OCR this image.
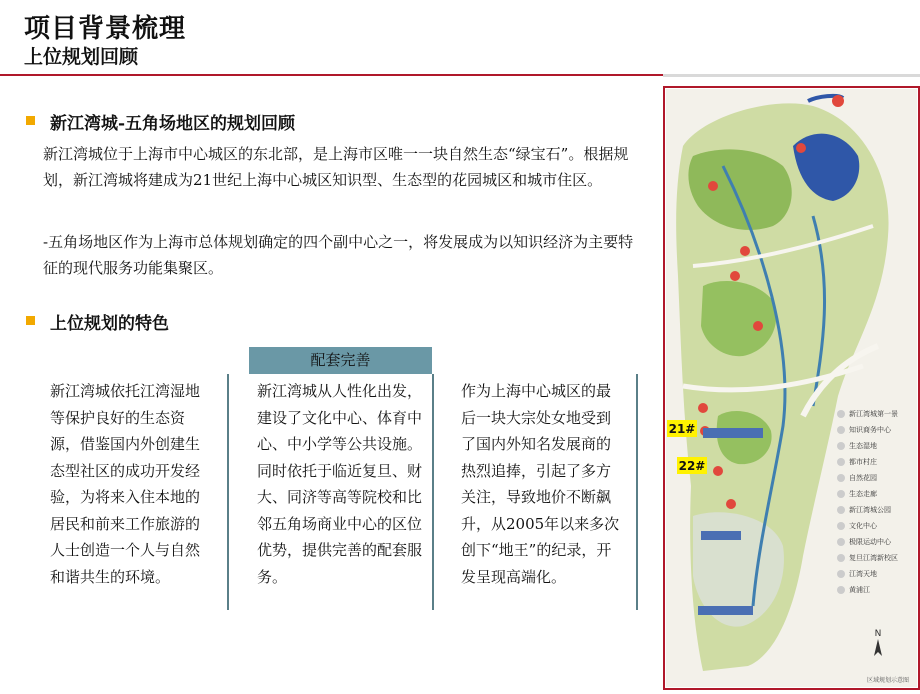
项目背景梳理
上位规划回顾
新江湾城-五角场地区的规划回顾
新江湾城位于上海市中心城区的东北部，是上海市区唯一一块自然生态“绿宝石”。根据规划，新江湾城将建成为21世纪上海中心城区知识型、生态型的花园城区和城市住区。
-五角场地区作为上海市总体规划确定的四个副中心之一，将发展成为以知识经济为主要特征的现代服务功能集聚区。
上位规划的特色
配套完善
新江湾城依托江湾湿地等保护良好的生态资源，借鉴国内外创建生态型社区的成功开发经验，为将来入住本地的居民和前来工作旅游的人士创造一个人与自然和谐共生的环境。
新江湾城从人性化出发，建设了文化中心、体育中心、中小学等公共设施。同时依托于临近复旦、财大、同济等高等院校和比邻五角场商业中心的区位优势，提供完善的配套服务。
作为上海中心城区的最后一块大宗处女地受到了国内外知名发展商的热烈追捧，引起了多方关注，导致地价不断飙升，从2005年以来多次创下“地王”的纪录，开发呈现高端化。
21#
22#
新江湾城第一景
知识商务中心
生态湿地
都市村庄
自然花园
生态走廊
新江湾城公园
文化中心
极限运动中心
复旦江湾新校区
江湾天地
黄浦江
N
区域规划示意图
